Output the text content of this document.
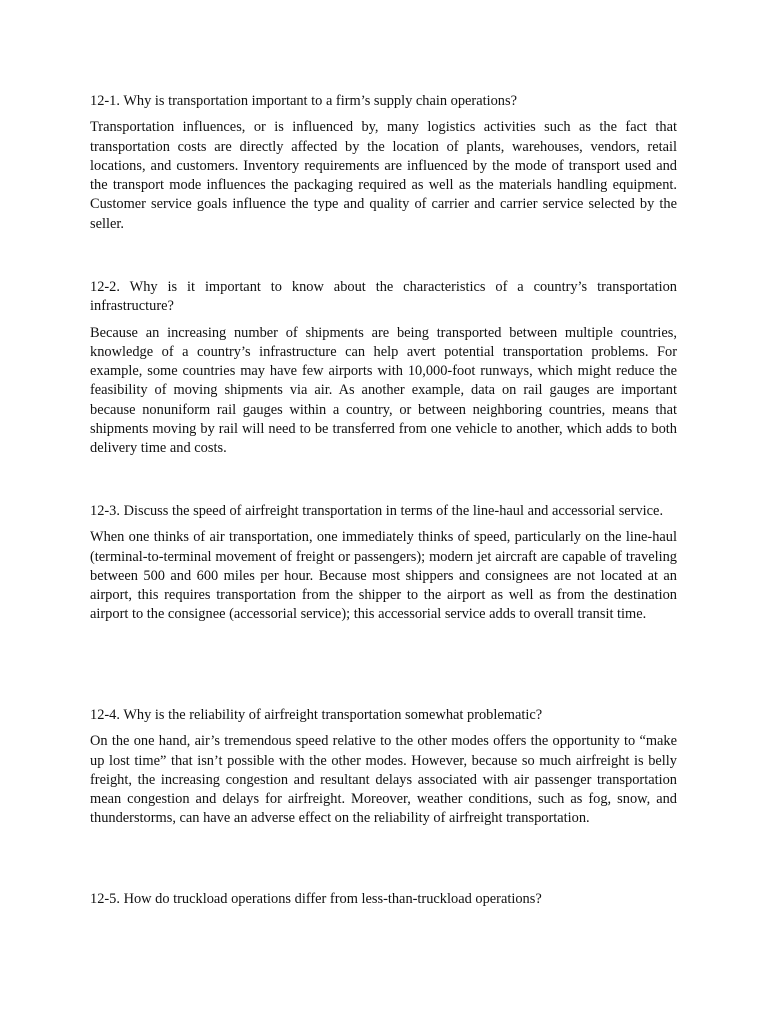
12-1. Why is transportation important to a firm’s supply chain operations?

Transportation influences, or is influenced by, many logistics activities such as the fact that transportation costs are directly affected by the location of plants, warehouses, vendors, retail locations, and customers. Inventory requirements are influenced by the mode of transport used and the transport mode influences the packaging required as well as the materials handling equipment. Customer service goals influence the type and quality of carrier and carrier service selected by the seller.

12-2. Why is it important to know about the characteristics of a country’s transportation infrastructure?

Because an increasing number of shipments are being transported between multiple countries, knowledge of a country’s infrastructure can help avert potential transportation problems. For example, some countries may have few airports with 10,000-foot runways, which might reduce the feasibility of moving shipments via air. As another example, data on rail gauges are important because nonuniform rail gauges within a country, or between neighboring countries, means that shipments moving by rail will need to be transferred from one vehicle to another, which adds to both delivery time and costs.

12-3. Discuss the speed of airfreight transportation in terms of the line-haul and accessorial service.

When one thinks of air transportation, one immediately thinks of speed, particularly on the line-haul (terminal-to-terminal movement of freight or passengers); modern jet aircraft are capable of traveling between 500 and 600 miles per hour. Because most shippers and consignees are not located at an airport, this requires transportation from the shipper to the airport as well as from the destination airport to the consignee (accessorial service); this accessorial service adds to overall transit time.

12-4. Why is the reliability of airfreight transportation somewhat problematic?

On the one hand, air’s tremendous speed relative to the other modes offers the opportunity to “make up lost time” that isn’t possible with the other modes. However, because so much airfreight is belly freight, the increasing congestion and resultant delays associated with air passenger transportation mean congestion and delays for airfreight. Moreover, weather conditions, such as fog, snow, and thunderstorms, can have an adverse effect on the reliability of airfreight transportation.

12-5. How do truckload operations differ from less-than-truckload operations?
